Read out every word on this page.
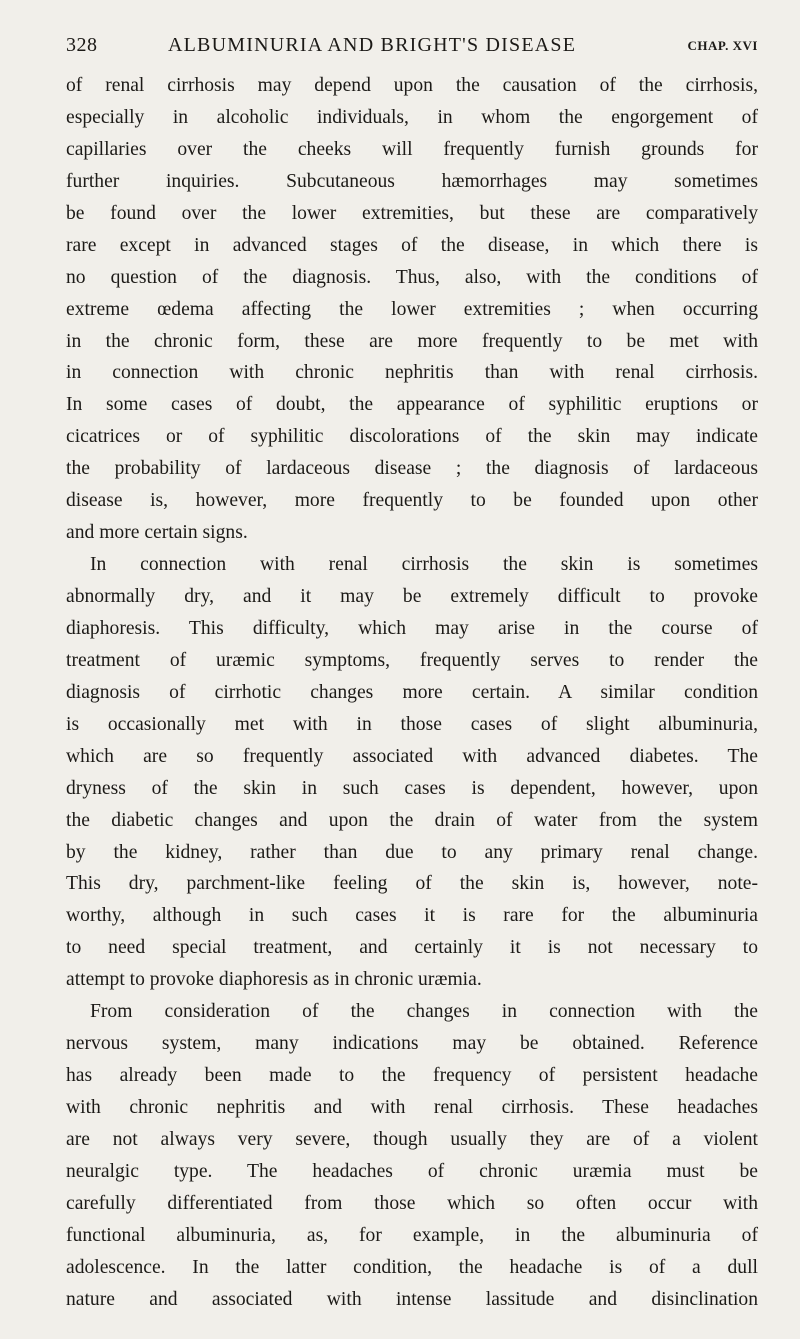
328	ALBUMINURIA AND BRIGHT'S DISEASE	CHAP. XVI
of renal cirrhosis may depend upon the causation of the cirrhosis,
especially in alcoholic individuals, in whom the engorgement of
capillaries over the cheeks will frequently furnish grounds for
further inquiries. Subcutaneous hæmorrhages may sometimes
be found over the lower extremities, but these are comparatively
rare except in advanced stages of the disease, in which there is
no question of the diagnosis. Thus, also, with the conditions of
extreme œdema affecting the lower extremities ; when occurring
in the chronic form, these are more frequently to be met with
in connection with chronic nephritis than with renal cirrhosis.
In some cases of doubt, the appearance of syphilitic eruptions or
cicatrices or of syphilitic discolorations of the skin may indicate
the probability of lardaceous disease ; the diagnosis of lardaceous
disease is, however, more frequently to be founded upon other
and more certain signs.
In connection with renal cirrhosis the skin is sometimes
abnormally dry, and it may be extremely difficult to provoke
diaphoresis. This difficulty, which may arise in the course of
treatment of uræmic symptoms, frequently serves to render the
diagnosis of cirrhotic changes more certain. A similar condition
is occasionally met with in those cases of slight albuminuria,
which are so frequently associated with advanced diabetes. The
dryness of the skin in such cases is dependent, however, upon
the diabetic changes and upon the drain of water from the system
by the kidney, rather than due to any primary renal change.
This dry, parchment-like feeling of the skin is, however, note-
worthy, although in such cases it is rare for the albuminuria
to need special treatment, and certainly it is not necessary to
attempt to provoke diaphoresis as in chronic uræmia.
From consideration of the changes in connection with the
nervous system, many indications may be obtained. Reference
has already been made to the frequency of persistent headache
with chronic nephritis and with renal cirrhosis. These headaches
are not always very severe, though usually they are of a violent
neuralgic type. The headaches of chronic uræmia must be
carefully differentiated from those which so often occur with
functional albuminuria, as, for example, in the albuminuria of
adolescence. In the latter condition, the headache is of a dull
nature and associated with intense lassitude and disinclination
